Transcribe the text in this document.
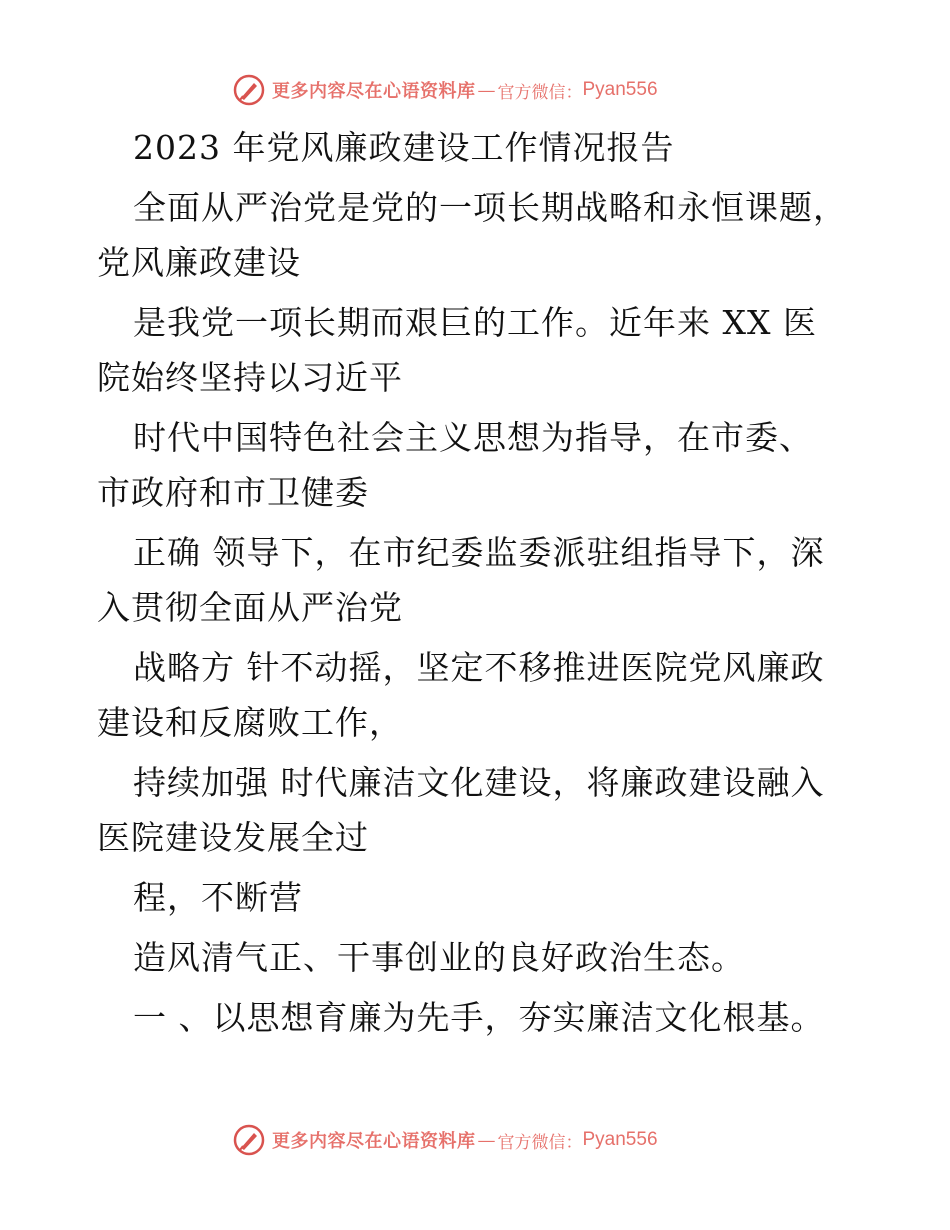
更多内容尽在心语资料库 — 官方微信： Pyan556

2023 年党风廉政建设工作情况报告

全面从严治党是党的一项长期战略和永恒课题，

党风廉政建设

是我党一项长期而艰巨的工作。近年来 XX 医

院始终坚持以习近平

时代中国特色社会主义思想为指导，在市委、

市政府和市卫健委

正确 领导下，在市纪委监委派驻组指导下，深

入贯彻全面从严治党

战略方 针不动摇，坚定不移推进医院党风廉政

建设和反腐败工作，

持续加强 时代廉洁文化建设，将廉政建设融入

医院建设发展全过

程，不断营

造风清气正、干事创业的良好政治生态。

一 、以思想育廉为先手，夯实廉洁文化根基。

更多内容尽在心语资料库 — 官方微信： Pyan556
